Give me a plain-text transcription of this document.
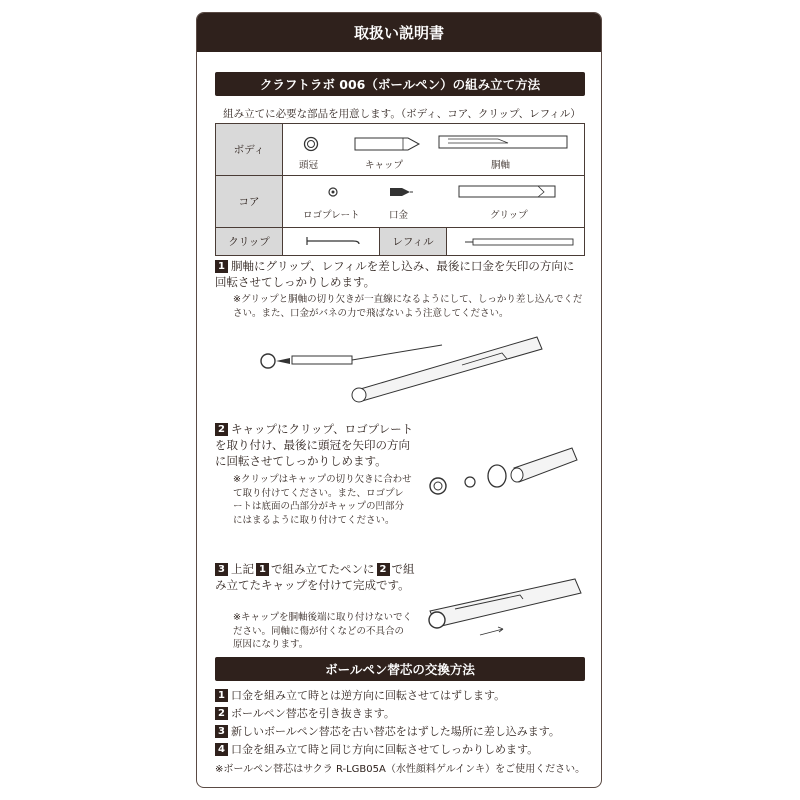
取扱い説明書
クラフトラボ 006（ボールペン）の組み立て方法
組み立てに必要な部品を用意します。（ボディ、コア、クリップ、レフィル）
ボディ	頭冠 キャップ 胴軸		

コア	ロゴプレート 口金 グリップ		

クリップ		レフィル	
1 胴軸にグリップ、レフィルを差し込み、最後に口金を矢印の方向に回転させてしっかりしめます。
※グリップと胴軸の切り欠きが一直線になるようにして、しっかり差し込んでください。また、口金がバネの力で飛ばないよう注意してください。
2 キャップにクリップ、ロゴプレートを取り付け、最後に頭冠を矢印の方向に回転させてしっかりしめます。
※クリップはキャップの切り欠きに合わせて取り付けてください。また、ロゴプレートは底面の凸部分がキャップの凹部分にはまるように取り付けてください。
3 上記 1 で組み立てたペンに 2 で組み立てたキャップを付けて完成です。
※キャップを胴軸後端に取り付けないでください。同軸に傷が付くなどの不具合の原因になります。
ボールペン替芯の交換方法
1 口金を組み立て時とは逆方向に回転させてはずします。
2 ボールペン替芯を引き抜きます。
3 新しいボールペン替芯を古い替芯をはずした場所に差し込みます。
4 口金を組み立て時と同じ方向に回転させてしっかりしめます。
※ボールペン替芯はサクラ R-LGB05A（水性顔料ゲルインキ）をご使用ください。
